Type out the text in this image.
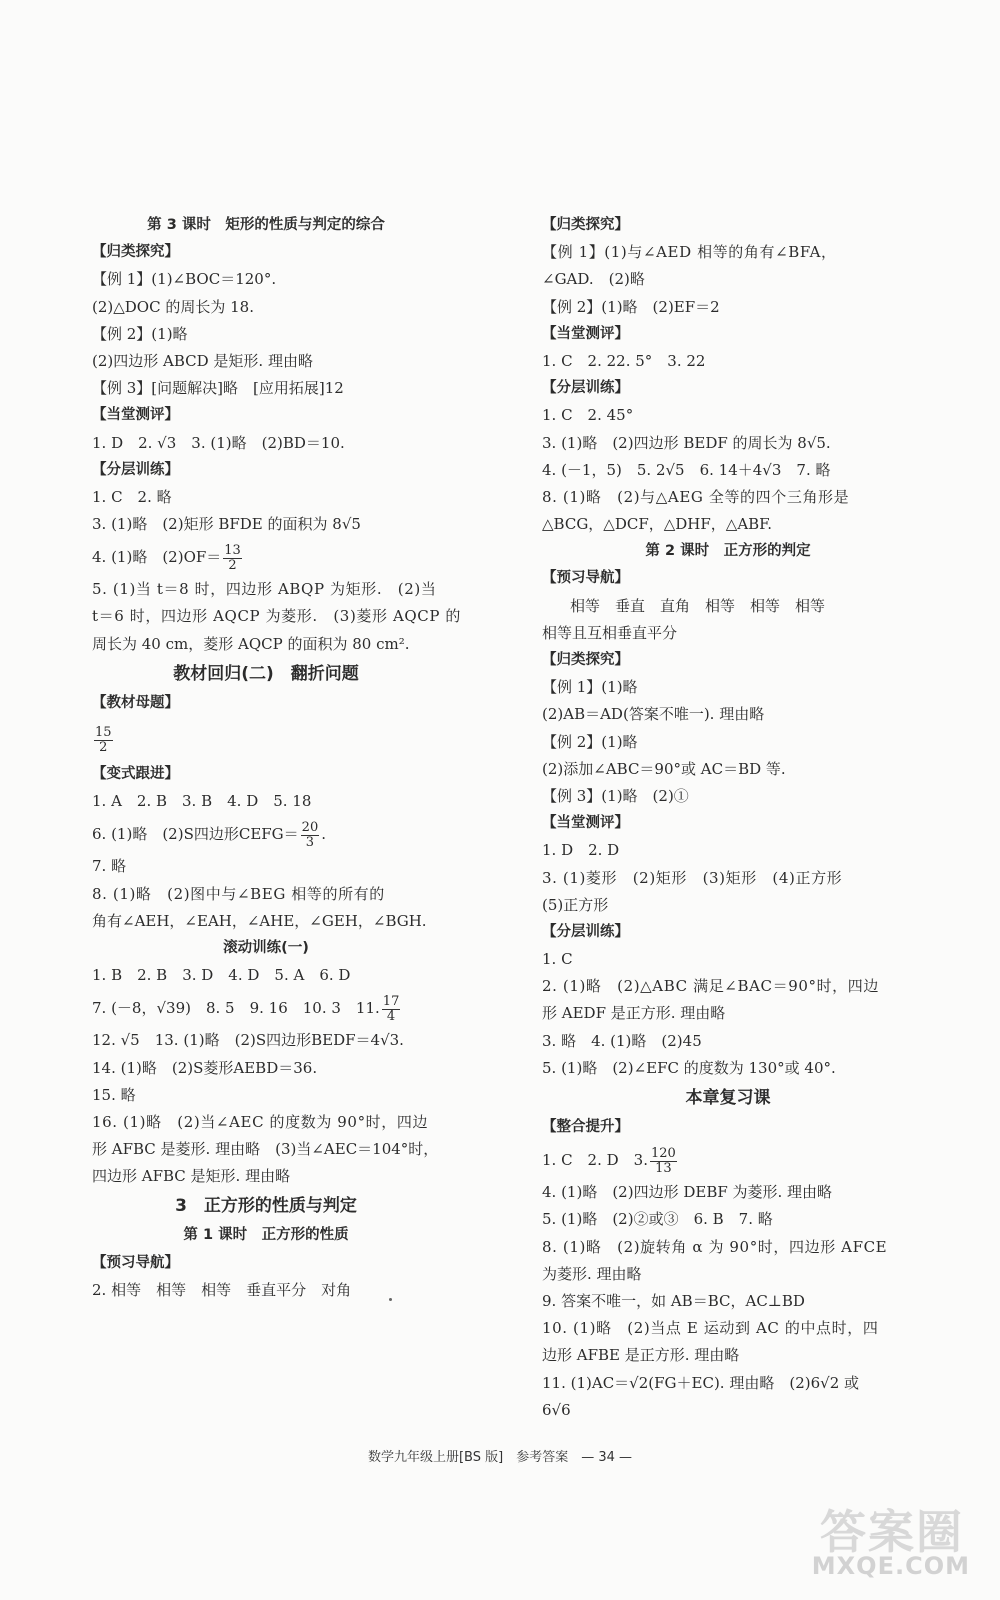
第 3 课时　矩形的性质与判定的综合
【归类探究】
【例 1】(1)∠BOC＝120°.
(2)△DOC 的周长为 18.
【例 2】(1)略
(2)四边形 ABCD 是矩形. 理由略
【例 3】[问题解决]略　[应用拓展]12
【当堂测评】
1. D　2. √3　3. (1)略　(2)BD＝10.
【分层训练】
1. C　2. 略
3. (1)略　(2)矩形 BFDE 的面积为 8√5
4. (1)略　$(2)OF= \frac{13}{2}$
5. (1)当 t＝8 时，四边形 ABQP 为矩形.　(2)当
t＝6 时，四边形 AQCP 为菱形.　(3)菱形 AQCP 的
周长为 40 cm，菱形 AQCP 的面积为 80 cm².
教材回归(二)　翻折问题
【教材母题】
$\frac{15}{2}$
【变式跟进】
1. A　2. B　3. B　4. D　5. 18
6. (1)略　(2)S四边形CEFG＝ $\frac{20}{3}$ .
7. 略
8. (1)略　(2)图中与∠BEG 相等的所有的
角有∠AEH，∠EAH，∠AHE，∠GEH，∠BGH.
滚动训练(一)
1. B　2. B　3. D　4. D　5. A　6. D
7. (－8，√39)　8. 5　9. 16　10. 3　11. $\frac{17}{4}$
12. √5　13. (1)略　(2)S四边形BEDF＝4√3.
14. (1)略　(2)S菱形AEBD＝36.
15. 略
16. (1)略　(2)当∠AEC 的度数为 90°时，四边
形 AFBC 是菱形. 理由略　(3)当∠AEC＝104°时，
四边形 AFBC 是矩形. 理由略
3　正方形的性质与判定
第 1 课时　正方形的性质
【预习导航】
2. 相等　相等　相等　垂直平分　对角
【归类探究】
【例 1】(1)与∠AED 相等的角有∠BFA，
∠GAD.　(2)略
【例 2】(1)略　(2)EF＝2
【当堂测评】
1. C　2. 22. 5°　3. 22
【分层训练】
1. C　2. 45°
3. (1)略　(2)四边形 BEDF 的周长为 8√5.
4. (－1，5)　5. 2√5　6. 14＋4√3　7. 略
8. (1)略　(2)与△AEG 全等的四个三角形是
△BCG，△DCF，△DHF，△ABF.
第 2 课时　正方形的判定
【预习导航】
相等　垂直　直角　相等　相等　相等
相等且互相垂直平分
【归类探究】
【例 1】(1)略
(2)AB＝AD(答案不唯一). 理由略
【例 2】(1)略
(2)添加∠ABC＝90°或 AC＝BD 等.
【例 3】(1)略　(2)①
【当堂测评】
1. D　2. D
3. (1)菱形　(2)矩形　(3)矩形　(4)正方形
(5)正方形
【分层训练】
1. C
2. (1)略　(2)△ABC 满足∠BAC＝90°时，四边
形 AEDF 是正方形. 理由略
3. 略　4. (1)略　(2)45
5. (1)略　(2)∠EFC 的度数为 130°或 40°.
本章复习课
【整合提升】
1. C　2. D　3. $\frac{120}{13}$
4. (1)略　(2)四边形 DEBF 为菱形. 理由略
5. (1)略　(2)②或③　6. B　7. 略
8. (1)略　(2)旋转角 α 为 90°时，四边形 AFCE
为菱形. 理由略
9. 答案不唯一，如 AB＝BC，AC⊥BD
10. (1)略　(2)当点 E 运动到 AC 的中点时，四
边形 AFBE 是正方形. 理由略
11. (1)AC＝√2(FG＋EC). 理由略　(2)6√2 或
6√6
数学九年级上册[BS 版]　参考答案　— 34 —
答案圈
MXQE.COM
